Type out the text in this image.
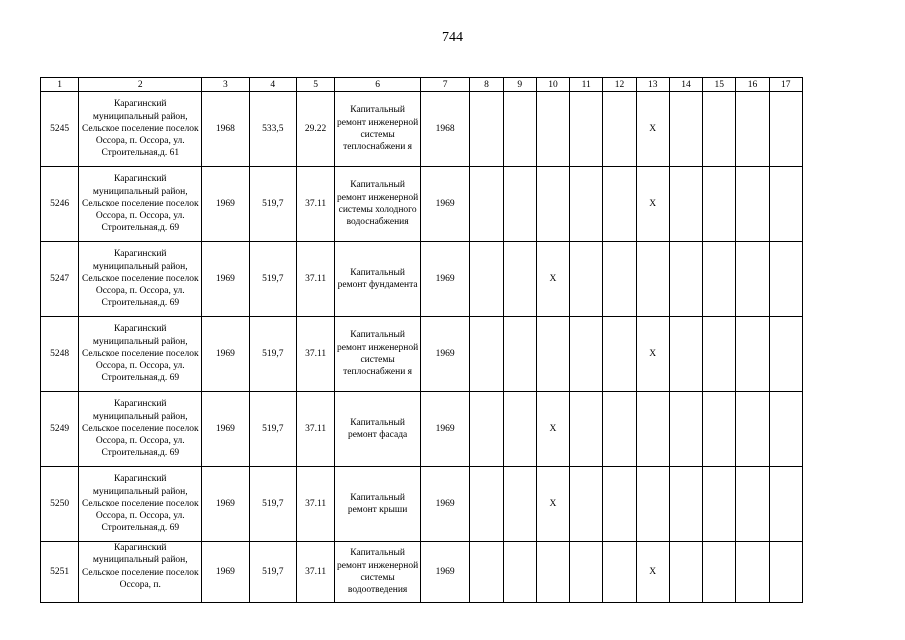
744
1	2	3	4	5	6	7	8	9	10	11	12	13	14	15	16	17
5245	Карагинский муниципальный район, Сельское поселение поселок Оссора, п. Оссора, ул. Строительная,д. 61	1968	533,5	29.22	Капитальный ремонт инженерной системы теплоснабжени я	1968						X				
5246	Карагинский муниципальный район, Сельское поселение поселок Оссора, п. Оссора, ул. Строительная,д. 69	1969	519,7	37.11	Капитальный ремонт инженерной системы холодного водоснабжения	1969						X				
5247	Карагинский муниципальный район, Сельское поселение поселок Оссора, п. Оссора, ул. Строительная,д. 69	1969	519,7	37.11	Капитальный ремонт фундамента	1969			X							
5248	Карагинский муниципальный район, Сельское поселение поселок Оссора, п. Оссора, ул. Строительная,д. 69	1969	519,7	37.11	Капитальный ремонт инженерной системы теплоснабжени я	1969						X				
5249	Карагинский муниципальный район, Сельское поселение поселок Оссора, п. Оссора, ул. Строительная,д. 69	1969	519,7	37.11	Капитальный ремонт фасада	1969			X							
5250	Карагинский муниципальный район, Сельское поселение поселок Оссора, п. Оссора, ул. Строительная,д. 69	1969	519,7	37.11	Капитальный ремонт крыши	1969			X							
5251	Карагинский муниципальный район, Сельское поселение поселок Оссора, п.	1969	519,7	37.11	Капитальный ремонт инженерной системы водоотведения	1969						X				
